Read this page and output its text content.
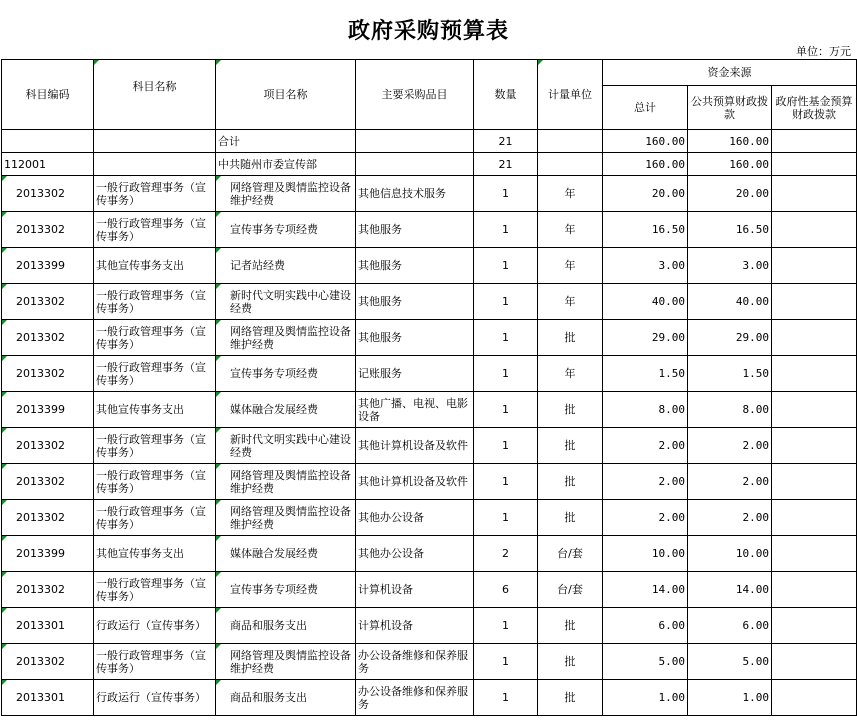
政府采购预算表
单位：万元
科目编码	科目名称	项目名称	主要采购品目	数量	计量单位	资金来源		
						总计	公共预算财政拨款	政府性基金预算财政拨款
		合计		21		160.00	160.00	
112001		中共随州市委宣传部		21		160.00	160.00	
2013302	一般行政管理事务（宣传事务）	网络管理及舆情监控设备维护经费	其他信息技术服务	1	年	20.00	20.00	
2013302	一般行政管理事务（宣传事务）	宣传事务专项经费	其他服务	1	年	16.50	16.50	
2013399	其他宣传事务支出	记者站经费	其他服务	1	年	3.00	3.00	
2013302	一般行政管理事务（宣传事务）	新时代文明实践中心建设经费	其他服务	1	年	40.00	40.00	
2013302	一般行政管理事务（宣传事务）	网络管理及舆情监控设备维护经费	其他服务	1	批	29.00	29.00	
2013302	一般行政管理事务（宣传事务）	宣传事务专项经费	记账服务	1	年	1.50	1.50	
2013399	其他宣传事务支出	媒体融合发展经费	其他广播、电视、电影设备	1	批	8.00	8.00	
2013302	一般行政管理事务（宣传事务）	新时代文明实践中心建设经费	其他计算机设备及软件	1	批	2.00	2.00	
2013302	一般行政管理事务（宣传事务）	网络管理及舆情监控设备维护经费	其他计算机设备及软件	1	批	2.00	2.00	
2013302	一般行政管理事务（宣传事务）	网络管理及舆情监控设备维护经费	其他办公设备	1	批	2.00	2.00	
2013399	其他宣传事务支出	媒体融合发展经费	其他办公设备	2	台/套	10.00	10.00	
2013302	一般行政管理事务（宣传事务）	宣传事务专项经费	计算机设备	6	台/套	14.00	14.00	
2013301	行政运行（宣传事务）	商品和服务支出	计算机设备	1	批	6.00	6.00	
2013302	一般行政管理事务（宣传事务）	网络管理及舆情监控设备维护经费	办公设备维修和保养服务	1	批	5.00	5.00	
2013301	行政运行（宣传事务）	商品和服务支出	办公设备维修和保养服务	1	批	1.00	1.00	
